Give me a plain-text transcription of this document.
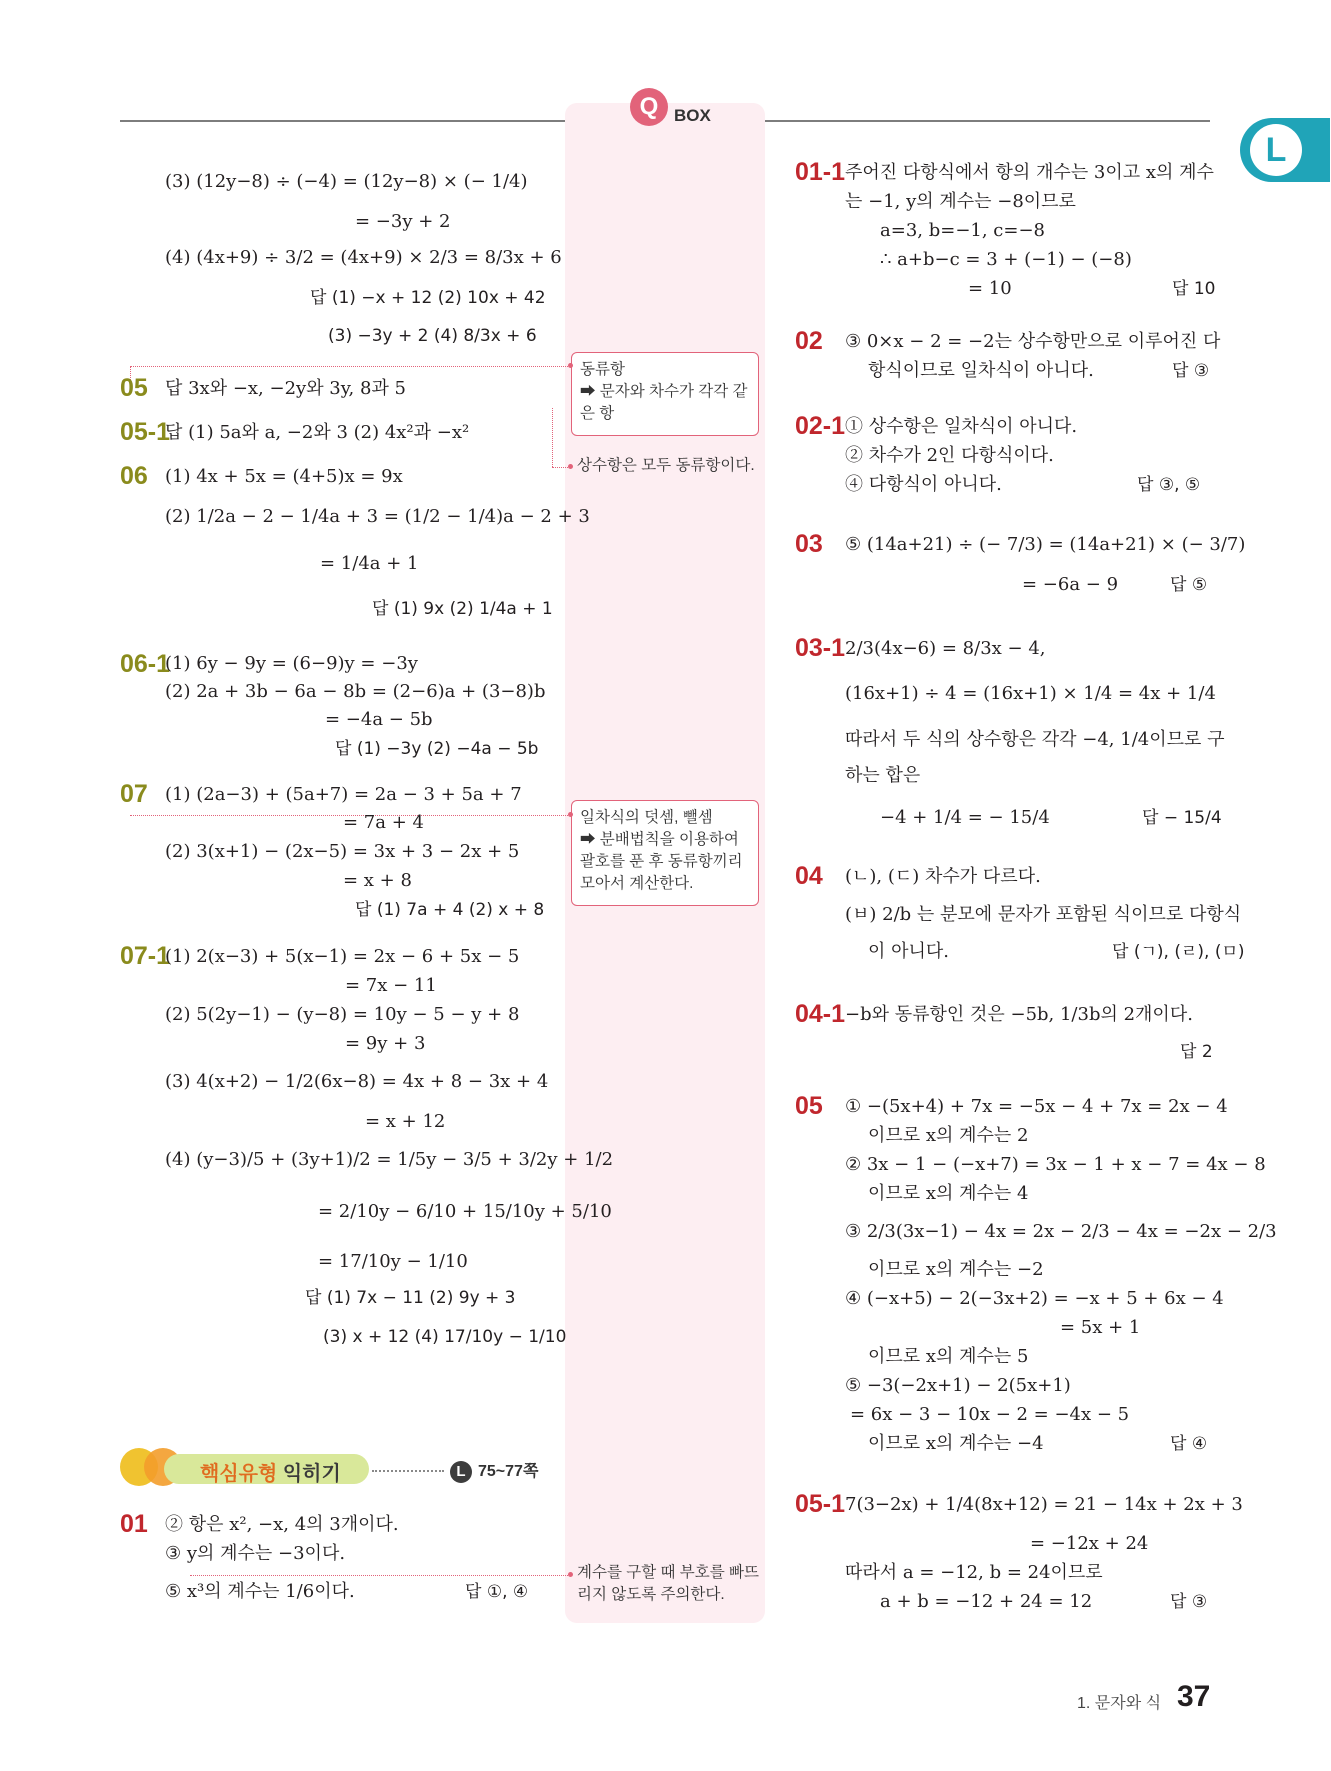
L
Q BOX
동류항
➡ 문자와 차수가 각각 같은 항
상수항은 모두 동류항이다.
일차식의 덧셈, 뺄셈
➡ 분배법칙을 이용하여 괄호를 푼 후 동류항끼리 모아서 계산한다.
계수를 구할 때 부호를 빠뜨리지 않도록 주의한다.
(3) (12y−8) ÷ (−4) = (12y−8) × (− 1/4)
= −3y + 2
(4) (4x+9) ÷ 3/2 = (4x+9) × 2/3 = 8/3x + 6
답 (1) −x + 12 (2) 10x + 42
(3) −3y + 2 (4) 8/3x + 6
05 답 3x와 −x, −2y와 3y, 8과 5
05-1
답 (1) 5a와 a, −2와 3 (2) 4x²과 −x²
06 (1) 4x + 5x = (4+5)x = 9x
(2) 1/2a − 2 − 1/4a + 3 = (1/2 − 1/4)a − 2 + 3
= 1/4a + 1
답 (1) 9x (2) 1/4a + 1
06-1
(1) 6y − 9y = (6−9)y = −3y
(2) 2a + 3b − 6a − 8b = (2−6)a + (3−8)b
= −4a − 5b
답 (1) −3y (2) −4a − 5b
07 (1) (2a−3) + (5a+7) = 2a − 3 + 5a + 7
= 7a + 4
(2) 3(x+1) − (2x−5) = 3x + 3 − 2x + 5
= x + 8
답 (1) 7a + 4 (2) x + 8
07-1
(1) 2(x−3) + 5(x−1) = 2x − 6 + 5x − 5
= 7x − 11
(2) 5(2y−1) − (y−8) = 10y − 5 − y + 8
= 9y + 3
(3) 4(x+2) − 1/2(6x−8) = 4x + 8 − 3x + 4
= x + 12
(4) (y−3)/5 + (3y+1)/2 = 1/5y − 3/5 + 3/2y + 1/2
= 2/10y − 6/10 + 15/10y + 5/10
= 17/10y − 1/10
답 (1) 7x − 11 (2) 9y + 3
(3) x + 12 (4) 17/10y − 1/10
핵심유형 익히기	L 75~77쪽
01 ② 항은 x², −x, 4의 3개이다.
③ y의 계수는 −3이다.
⑤ x³의 계수는 1/6이다.	답 ①, ④
01-1 주어진 다항식에서 항의 개수는 3이고 x의 계수
는 −1, y의 계수는 −8이므로
a=3, b=−1, c=−8
∴ a+b−c = 3 + (−1) − (−8)
= 10	답 10
02 ③ 0×x − 2 = −2는 상수항만으로 이루어진 다
항식이므로 일차식이 아니다.	답 ③
02-1 ① 상수항은 일차식이 아니다.
② 차수가 2인 다항식이다.
④ 다항식이 아니다.	답 ③, ⑤
03 ⑤ (14a+21) ÷ (− 7/3) = (14a+21) × (− 3/7)
= −6a − 9	답 ⑤
03-1 2/3(4x−6) = 8/3x − 4,
(16x+1) ÷ 4 = (16x+1) × 1/4 = 4x + 1/4
따라서 두 식의 상수항은 각각 −4, 1/4이므로 구
하는 합은
−4 + 1/4 = − 15/4	답 − 15/4
04 (ㄴ), (ㄷ) 차수가 다르다.
(ㅂ) 2/b 는 분모에 문자가 포함된 식이므로 다항식
이 아니다.	답 (ㄱ), (ㄹ), (ㅁ)
04-1 −b와 동류항인 것은 −5b, 1/3b의 2개이다.
답 2
05 ① −(5x+4) + 7x = −5x − 4 + 7x = 2x − 4
이므로 x의 계수는 2
② 3x − 1 − (−x+7) = 3x − 1 + x − 7 = 4x − 8
이므로 x의 계수는 4
③ 2/3(3x−1) − 4x = 2x − 2/3 − 4x = −2x − 2/3
이므로 x의 계수는 −2
④ (−x+5) − 2(−3x+2) = −x + 5 + 6x − 4
= 5x + 1
이므로 x의 계수는 5
⑤ −3(−2x+1) − 2(5x+1)
= 6x − 3 − 10x − 2 = −4x − 5
이므로 x의 계수는 −4	답 ④
05-1 7(3−2x) + 1/4(8x+12) = 21 − 14x + 2x + 3
= −12x + 24
따라서 a = −12, b = 24이므로
a + b = −12 + 24 = 12	답 ③
1. 문자와 식 37
